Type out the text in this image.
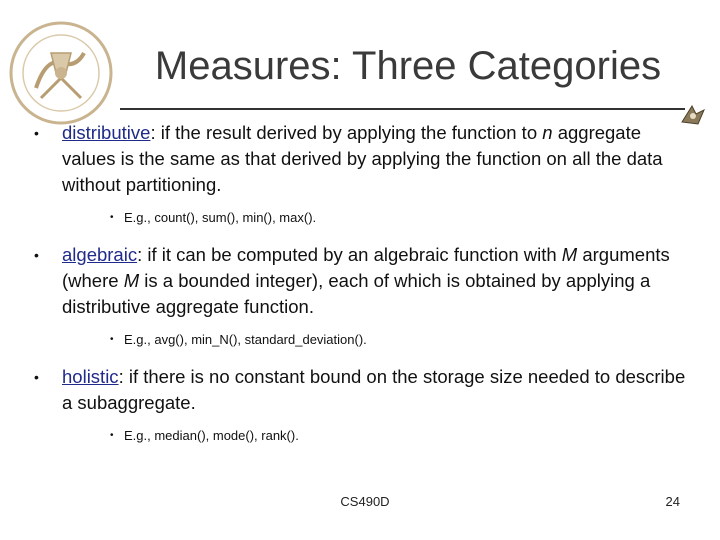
Measures: Three Categories
• distributive: if the result derived by applying the function to n aggregate values is the same as that derived by applying the function on all the data without partitioning.
• E.g., count(), sum(), min(), max().
• algebraic: if it can be computed by an algebraic function with M arguments (where M is a bounded integer), each of which is obtained by applying a distributive aggregate function.
• E.g., avg(), min_N(), standard_deviation().
• holistic: if there is no constant bound on the storage size needed to describe a subaggregate.
• E.g., median(), mode(), rank().
CS490D	24
